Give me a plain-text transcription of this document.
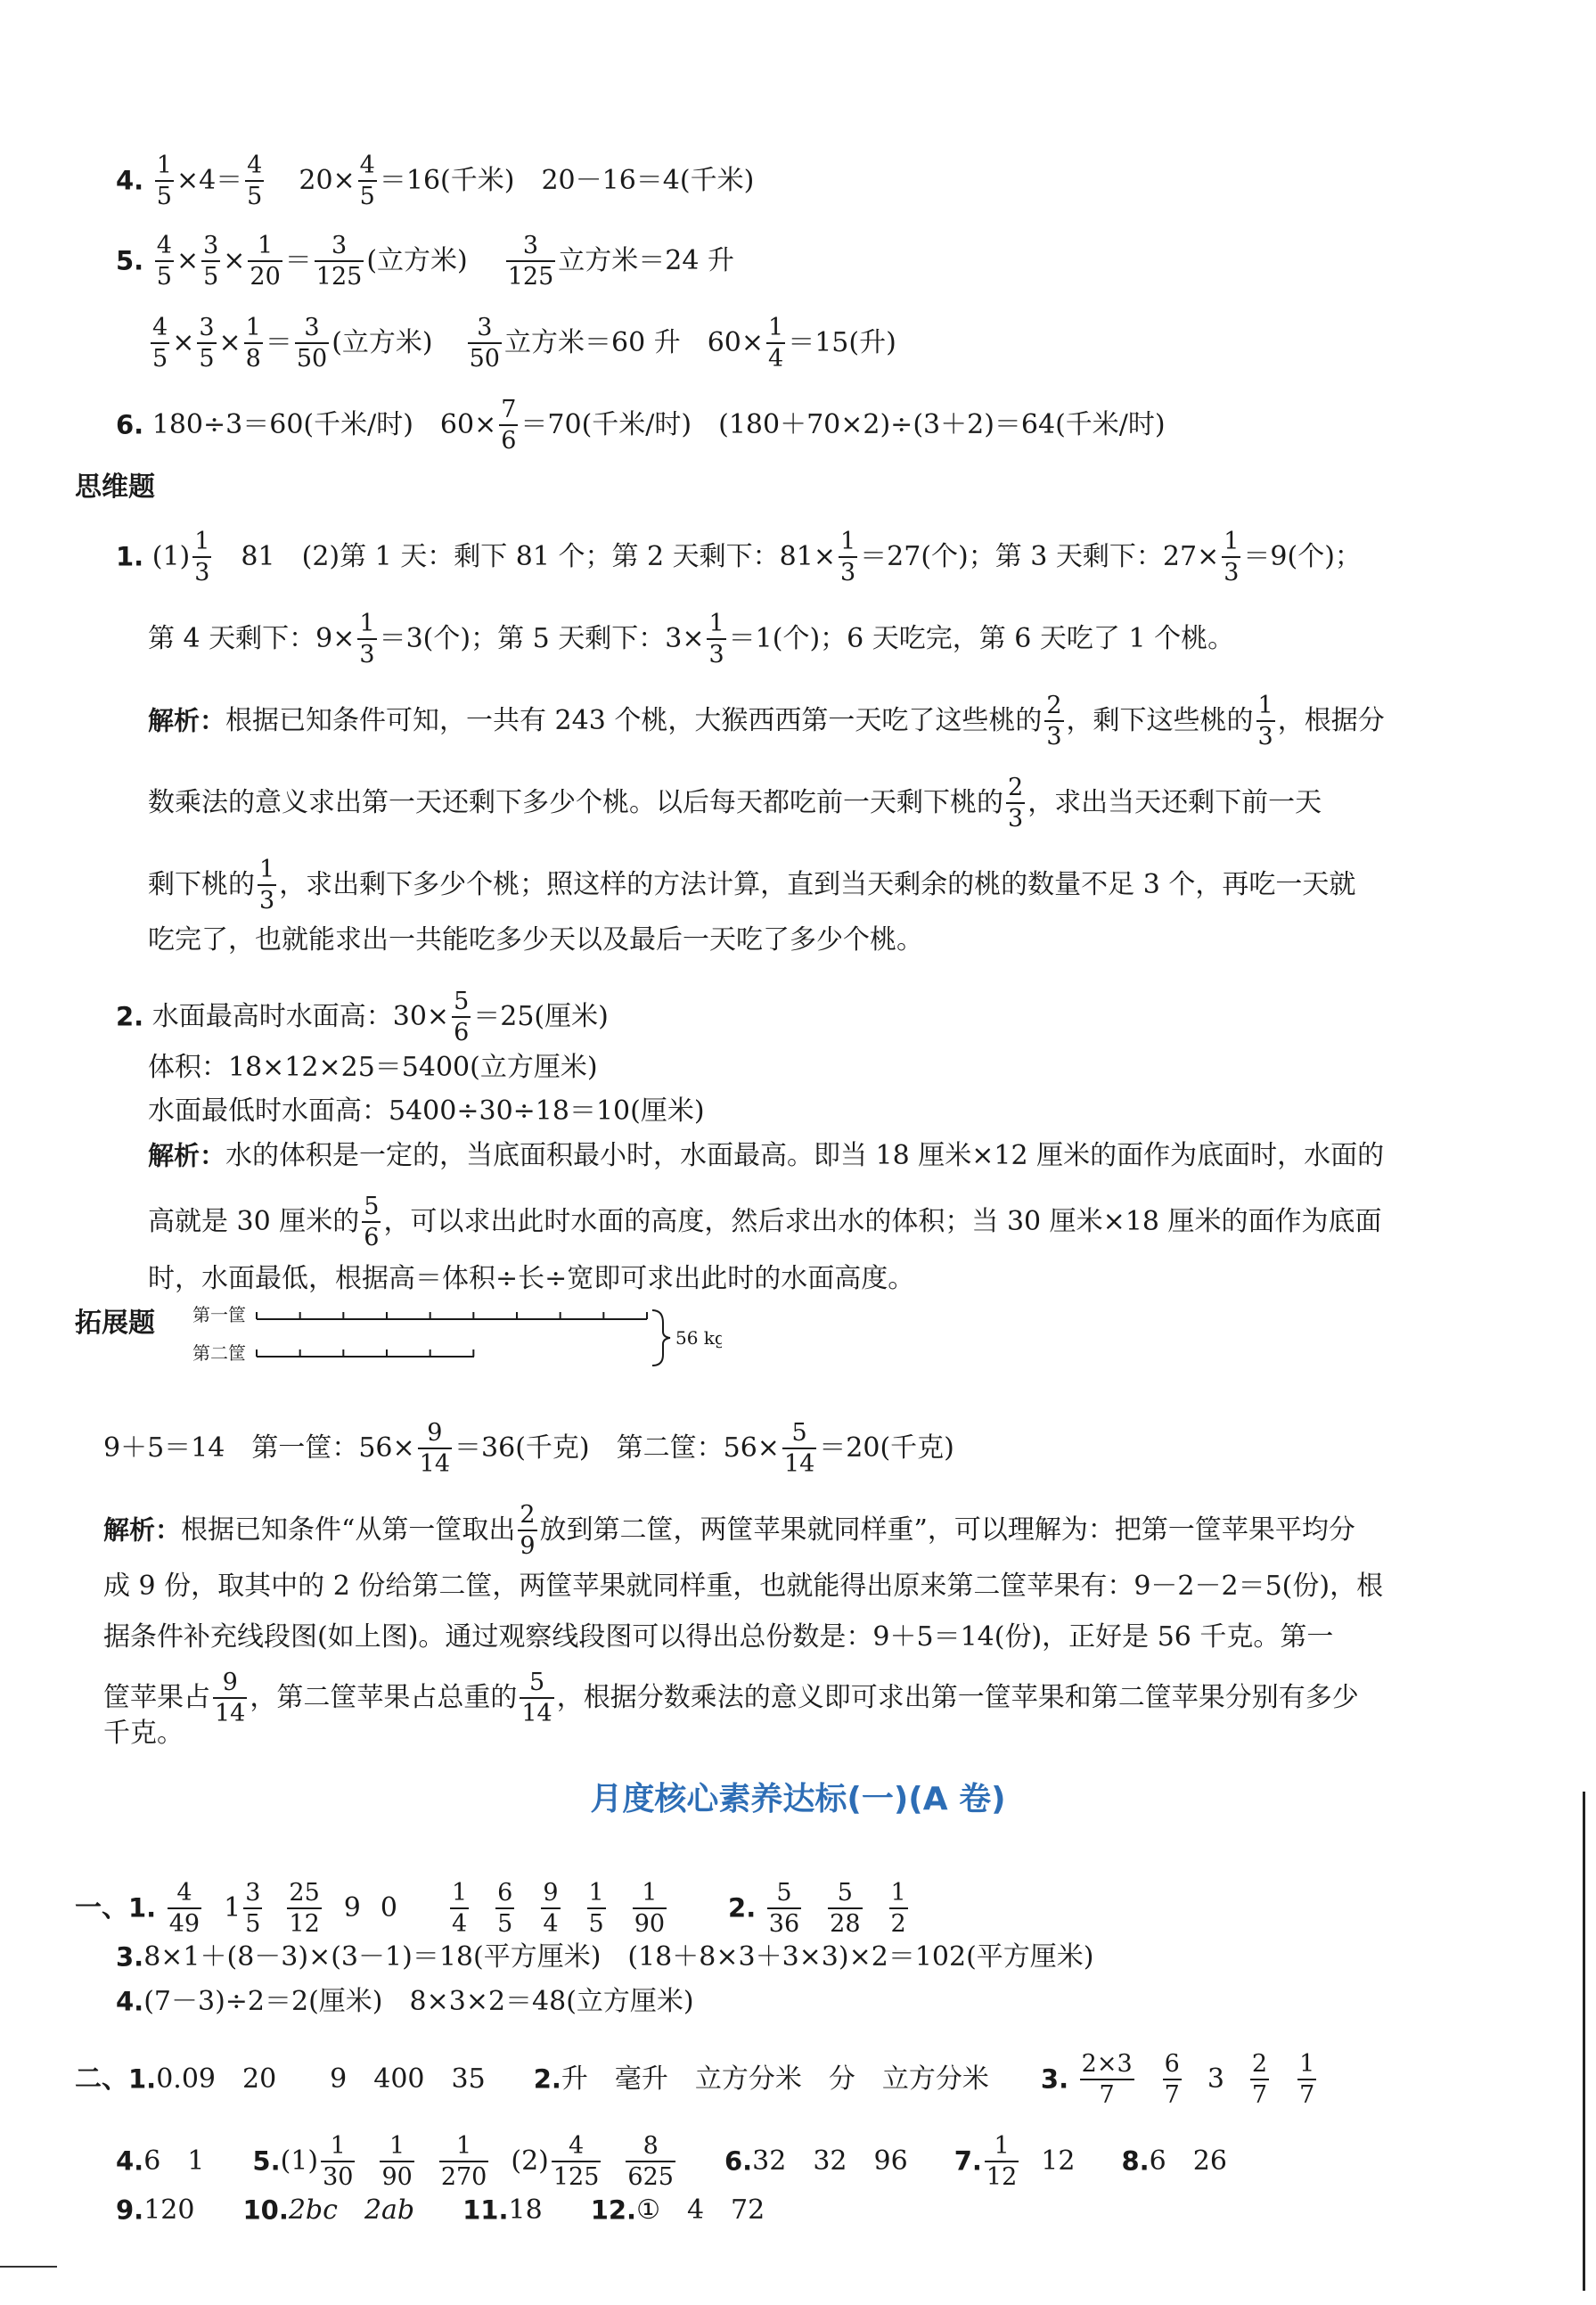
4. $\frac{1}{5} \times 4= \frac{4}{5} 20\times \frac{4}{5} =16$(千米)　20－16＝4(千米)
5. $\frac{4}{5} \times \frac{3}{5} \times \frac{1}{20} = \frac{3}{125}$ (立方米) $\frac{3}{125}$ 立方米＝24 升
$\frac{4}{5} \times \frac{3}{5} \times \frac{1}{8} = \frac{3}{50}$ (立方米) $\frac{3}{50}$ 立方米＝60 升　$60\times \frac{1}{4} =15$(升)
6. 180÷3＝60(千米/时)　$60\times \frac{7}{6} =70$(千米/时)　(180＋70×2)÷(3＋2)＝64(千米/时)
思维题
1. $(1) \frac{1}{3}$ 　81　(2)第 1 天：剩下 81 个；第 2 天剩下：$81\times \frac{1}{3} =27$(个)；第 3 天剩下：$27\times \frac{1}{3} =9$(个)；
第 4 天剩下：$9\times \frac{1}{3} =3$(个)；第 5 天剩下：$3\times \frac{1}{3} =1$(个)；6 天吃完，第 6 天吃了 1 个桃。
解析：根据已知条件可知，一共有 243 个桃，大猴西西第一天吃了这些桃的 $\frac{2}{3}$ ，剩下这些桃的 $\frac{1}{3}$ ，根据分
数乘法的意义求出第一天还剩下多少个桃。以后每天都吃前一天剩下桃的 $\frac{2}{3}$ ，求出当天还剩下前一天
剩下桃的 $\frac{1}{3}$ ，求出剩下多少个桃；照这样的方法计算，直到当天剩余的桃的数量不足 3 个，再吃一天就
吃完了，也就能求出一共能吃多少天以及最后一天吃了多少个桃。
2. 水面最高时水面高：$30\times \frac{5}{6} =25$(厘米)
体积：18×12×25＝5400(立方厘米)
水面最低时水面高：5400÷30÷18＝10(厘米)
解析：水的体积是一定的，当底面积最小时，水面最高。即当 18 厘米×12 厘米的面作为底面时，水面的
高就是 30 厘米的 $\frac{5}{6}$ ，可以求出此时水面的高度，然后求出水的体积；当 30 厘米×18 厘米的面作为底面
时，水面最低，根据高＝体积÷长÷宽即可求出此时的水面高度。
拓展题 第一筐
第二筐
56 kg
9＋5＝14　第一筐：$56\times \frac{9}{14} =36$(千克)　第二筐：$56\times \frac{5}{14} =20$(千克)
解析：根据已知条件“从第一筐取出 $\frac{2}{9}$ 放到第二筐，两筐苹果就同样重”，可以理解为：把第一筐苹果平均分
成 9 份，取其中的 2 份给第二筐，两筐苹果就同样重，也就能得出原来第二筐苹果有：9－2－2＝5(份)，根
据条件补充线段图(如上图)。通过观察线段图可以得出总份数是：9＋5＝14(份)，正好是 56 千克。第一
筐苹果占 $\frac{9}{14}$ ，第二筐苹果占总重的 $\frac{5}{14}$ ，根据分数乘法的意义即可求出第一筐苹果和第二筐苹果分别有多少
千克。
月度核心素养达标(一)(A 卷)
一、1. $\frac{4}{49} 1 \frac{3}{5} \frac{25}{12} 9$ $0 \frac{1}{4} \frac{6}{5} \frac{9}{4} \frac{1}{5} \frac{1}{90} 2$. $\frac{5}{36} \frac{5}{28} \frac{1}{2}$
3.8×1＋(8－3)×(3－1)＝18(平方厘米)　(18＋8×3＋3×3)×2＝102(平方厘米)
4.(7－3)÷2＝2(厘米)　8×3×2＝48(立方厘米)
二、1.0.09　20　　9　400　35 2.升　毫升　立方分米　分　立方分米 3. $\frac{2\times 3}{7} \frac{6}{7} 3 \frac{2}{7} \frac{1}{7}$
4.6　1 $5.(1) \frac{1}{30} \frac{1}{90} \frac{1}{270} (2) \frac{4}{125} \frac{8}{625} 6.32$　32　96 7. $\frac{1}{12} 12$ 8.6　26
9.120 10.2bc 2ab 11.18 12.①　4　72
